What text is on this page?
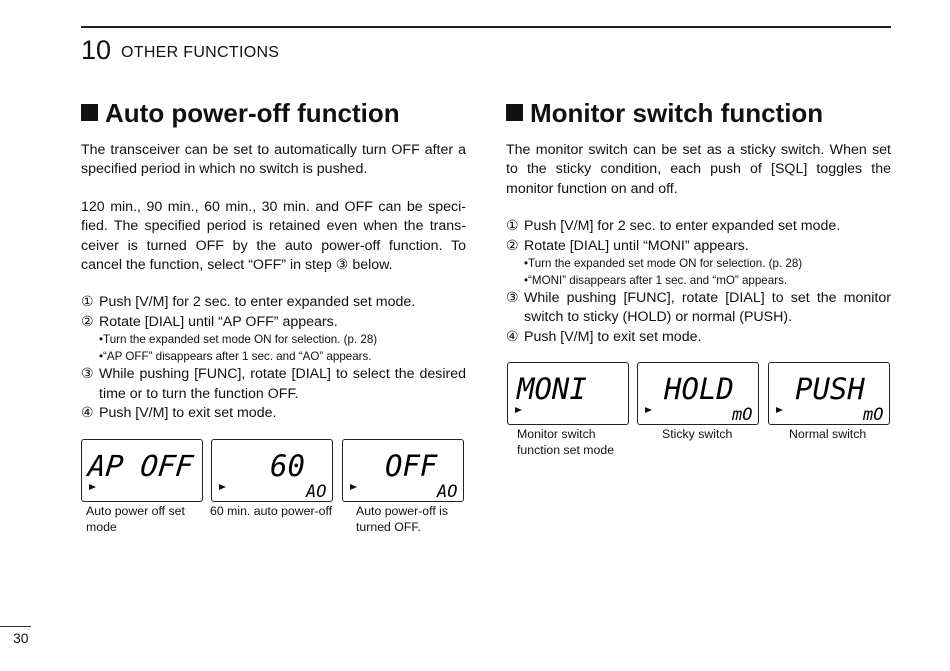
10 OTHER FUNCTIONS
Auto power-off function

The transceiver can be set to automatically turn OFF after a specified period in which no switch is pushed.

120 min., 90 min., 60 min., 30 min. and OFF can be speci-fied. The specified period is retained even when the trans-ceiver is turned OFF by the auto power-off function. To cancel the function, select “OFF” in step ③ below.

① Push [V/M] for 2 sec. to enter expanded set mode.
② Rotate [DIAL] until “AP OFF” appears.
•Turn the expanded set mode ON for selection. (p. 28)
•“AP OFF” disappears after 1 sec. and “AO” appears.
③ While pushing [FUNC], rotate [DIAL] to select the desired time or to turn the function OFF.
④ Push [V/M] to exit set mode.
AP OFF	60
AO
OFF
AO
Auto power off set mode
60 min. auto power-off	Auto power-off is turned OFF.
Monitor switch function

The monitor switch can be set as a sticky switch. When set to the sticky condition, each push of [SQL] toggles the monitor function on and off.

① Push [V/M] for 2 sec. to enter expanded set mode.
② Rotate [DIAL] until “MONI” appears.
•Turn the expanded set mode ON for selection. (p. 28)
•“MONI” disappears after 1 sec. and “mO” appears.
③ While pushing [FUNC], rotate [DIAL] to set the monitor switch to sticky (HOLD) or normal (PUSH).
④ Push [V/M] to exit set mode.
MONI	HOLD
mO
PUSH
mO
Monitor switch function set mode
Sticky switch	Normal switch
30
